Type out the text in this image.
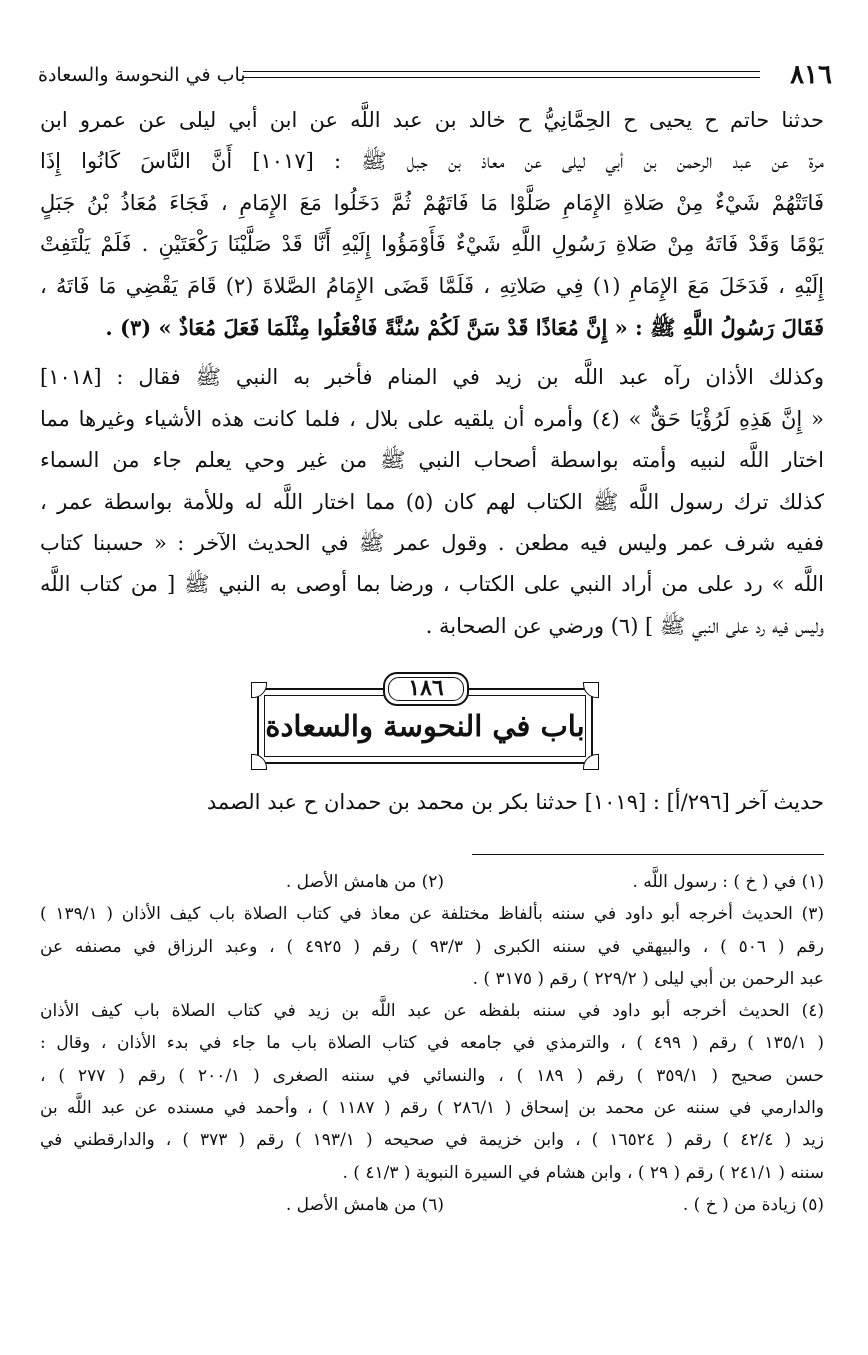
٨١٦
باب في النحوسة والسعادة
حدثنا حاتم ح يحيى ح الحِمَّانِيُّ ح خالد بن عبد اللَّه عن ابن أبي ليلى عن عمرو ابن
مرة عن عبد الرحمن بن أبي ليلى عن معاذ بن جبل ﷺ : [١٠١٧] أَنَّ النَّاسَ كَانُوا إِذَا
فَاتَتْهُمْ شَيْءٌ مِنْ صَلاةِ الإِمَامِ صَلَّوْا مَا فَاتَهُمْ ثُمَّ دَخَلُوا مَعَ الإِمَامِ ، فَجَاءَ مُعَاذُ بْنُ جَبَلٍ
يَوْمًا وَقَدْ فَاتَهُ مِنْ صَلاةِ رَسُولِ اللَّهِ شَيْءٌ فَأَوْمَؤُوا إِلَيْهِ أَنَّا قَدْ صَلَّيْنَا رَكْعَتَيْنِ . فَلَمْ يَلْتَفِتْ
إِلَيْهِ ، فَدَخَلَ مَعَ الإِمَامِ (١) فِي صَلاتِهِ ، فَلَمَّا قَضَى الإِمَامُ الصَّلاةَ (٢) قَامَ يَقْضِي مَا فَاتَهُ ،
فَقَالَ رَسُولُ اللَّهِ ﷺ : « إِنَّ مُعَاذًا قَدْ سَنَّ لَكُمْ سُنَّةً فَافْعَلُوا مِثْلَمَا فَعَلَ مُعَاذٌ » (٣) .
وكذلك الأذان رآه عبد اللَّه بن زيد في المنام فأخبر به النبي ﷺ فقال : [١٠١٨]
« إِنَّ هَذِهِ لَرُؤْيَا حَقٌّ » (٤) وأمره أن يلقيه على بلال ، فلما كانت هذه الأشياء وغيرها مما
اختار اللَّه لنبيه وأمته بواسطة أصحاب النبي ﷺ من غير وحي يعلم جاء من السماء
كذلك ترك رسول اللَّه ﷺ الكتاب لهم كان (٥) مما اختار اللَّه له وللأمة بواسطة عمر ،
ففيه شرف عمر وليس فيه مطعن . وقول عمر ﷺ في الحديث الآخر : « حسبنا كتاب
اللَّه » رد على من أراد النبي على الكتاب ، ورضا بما أوصى به النبي ﷺ [ من كتاب اللَّه
وليس فيه رد على النبي ﷺ ] (٦) ورضي عن الصحابة .
١٨٦
باب في النحوسة والسعادة
حديث آخر [٢٩٦/أ] : [١٠١٩] حدثنا بكر بن محمد بن حمدان ح عبد الصمد
(١) في ( خ ) : رسول اللَّه .
(٢) من هامش الأصل .
(٣) الحديث أخرجه أبو داود في سننه بألفاظ مختلفة عن معاذ في كتاب الصلاة باب كيف الأذان ( ١٣٩/١ )
رقم ( ٥٠٦ ) ، والبيهقي في سننه الكبرى ( ٩٣/٣ ) رقم ( ٤٩٢٥ ) ، وعبد الرزاق في مصنفه عن
عبد الرحمن بن أبي ليلى ( ٢٢٩/٢ ) رقم ( ٣١٧٥ ) .
(٤) الحديث أخرجه أبو داود في سننه بلفظه عن عبد اللَّه بن زيد في كتاب الصلاة باب كيف الأذان
( ١٣٥/١ ) رقم ( ٤٩٩ ) ، والترمذي في جامعه في كتاب الصلاة باب ما جاء في بدء الأذان ، وقال :
حسن صحيح ( ٣٥٩/١ ) رقم ( ١٨٩ ) ، والنسائي في سننه الصغرى ( ٢٠٠/١ ) رقم ( ٢٧٧ ) ،
والدارمي في سننه عن محمد بن إسحاق ( ٢٨٦/١ ) رقم ( ١١٨٧ ) ، وأحمد في مسنده عن عبد اللَّه بن
زيد ( ٤٢/٤ ) رقم ( ١٦٥٢٤ ) ، وابن خزيمة في صحيحه ( ١٩٣/١ ) رقم ( ٣٧٣ ) ، والدارقطني في
سننه ( ٢٤١/١ ) رقم ( ٢٩ ) ، وابن هشام في السيرة النبوية ( ٤١/٣ ) .
(٥) زيادة من ( خ ) .
(٦) من هامش الأصل .
